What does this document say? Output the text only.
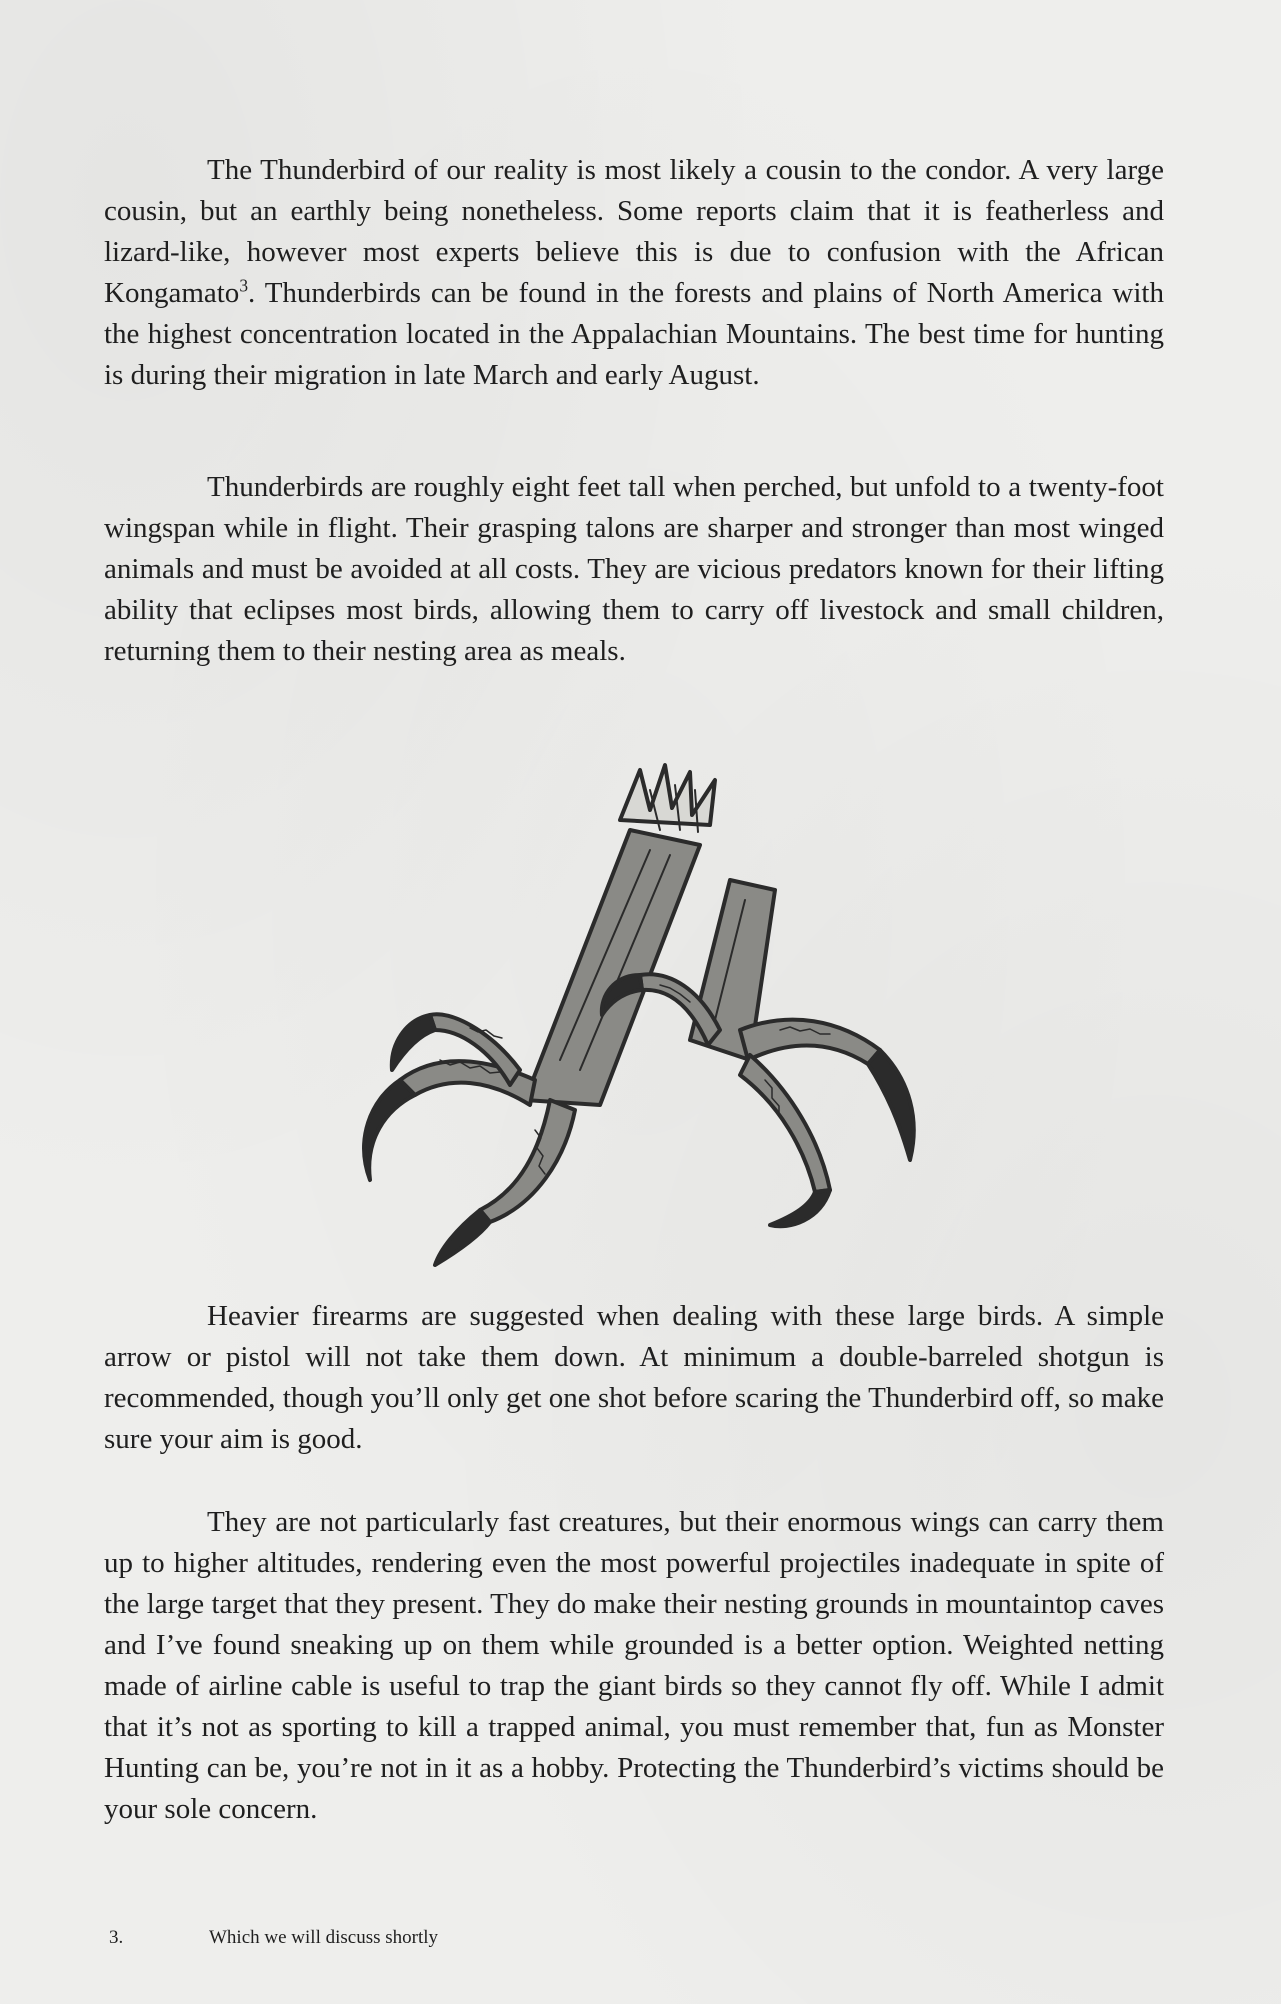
The Thunderbird of our reality is most likely a cousin to the condor. A very large cousin, but an earthly being nonetheless. Some reports claim that it is featherless and lizard-like, however most experts believe this is due to confusion with the African Kongamato$^3$. Thunderbirds can be found in the forests and plains of North America with the highest concentration located in the Appalachian Mountains. The best time for hunting is during their migration in late March and early August.

Thunderbirds are roughly eight feet tall when perched, but unfold to a twenty-foot wingspan while in flight. Their grasping talons are sharper and stronger than most winged animals and must be avoided at all costs. They are vicious predators known for their lifting ability that eclipses most birds, allowing them to carry off livestock and small children, returning them to their nesting area as meals.

Heavier firearms are suggested when dealing with these large birds. A simple arrow or pistol will not take them down. At minimum a double-barreled shotgun is recommended, though you’ll only get one shot before scaring the Thunderbird off, so make sure your aim is good.

They are not particularly fast creatures, but their enormous wings can carry them up to higher altitudes, rendering even the most powerful projectiles inadequate in spite of the large target that they present. They do make their nesting grounds in mountaintop caves and I’ve found sneaking up on them while grounded is a better option. Weighted netting made of airline cable is useful to trap the giant birds so they cannot fly off. While I admit that it’s not as sporting to kill a trapped animal, you must remember that, fun as Monster Hunting can be, you’re not in it as a hobby. Protecting the Thunderbird’s victims should be your sole concern.

3.	Which we will discuss shortly
